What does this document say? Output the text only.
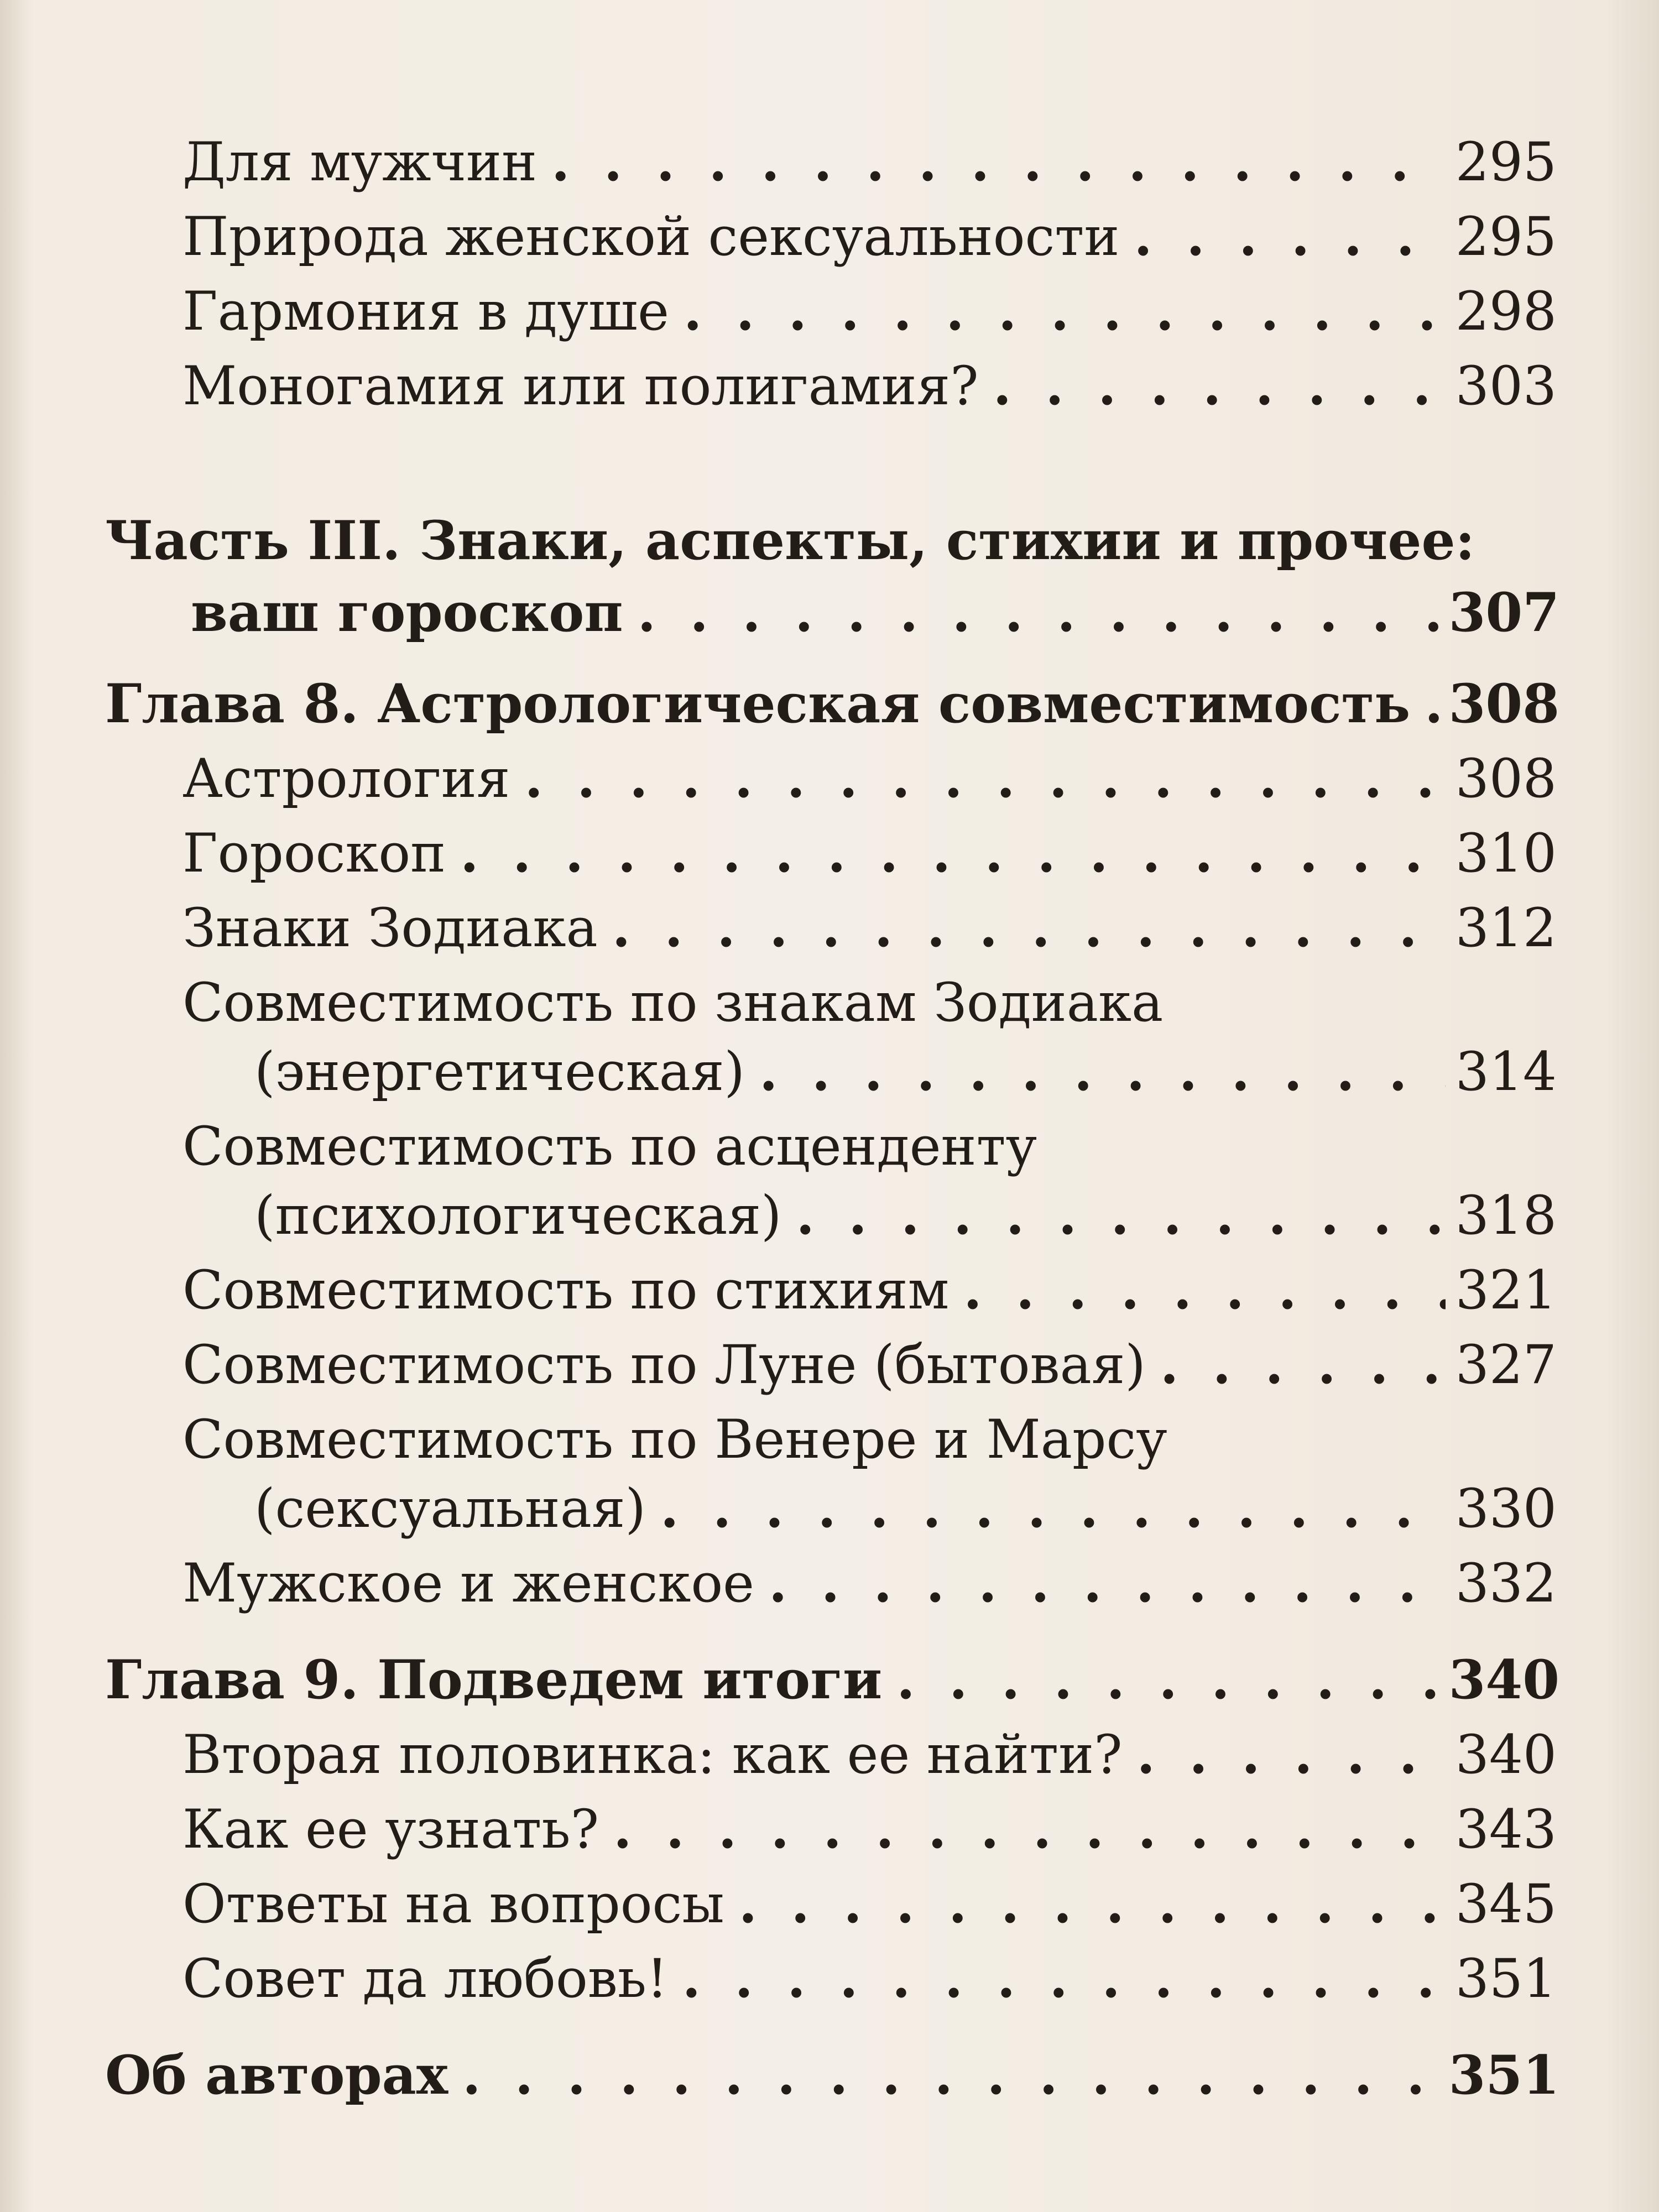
Для мужчин . . .	295
Природа женской сексуальности . . .	295
Гармония в душе . . .	298
Моногамия или полигамия? . . .	303
Часть III. Знаки, аспекты, стихии и прочее:
ваш гороскоп . . .	307
Глава 8. Астрологическая совместимость . . . 308
Астрология . . .	308
Гороскоп . . .	310
Знаки Зодиака . . .	312
Совместимость по знакам Зодиака
(энергетическая) . . .	314
Совместимость по асценденту
(психологическая) . . .	318
Совместимость по стихиям . . .	321
Совместимость по Луне (бытовая) . . .	327
Совместимость по Венере и Марсу
(сексуальная) . . .	330
Мужское и женское . . .	332
Глава 9. Подведем итоги . . .	340
Вторая половинка: как ее найти? . . .	340
Как ее узнать? . . .	343
Ответы на вопросы . . .	345
Совет да любовь! . . .	351
Об авторах . . .	351
